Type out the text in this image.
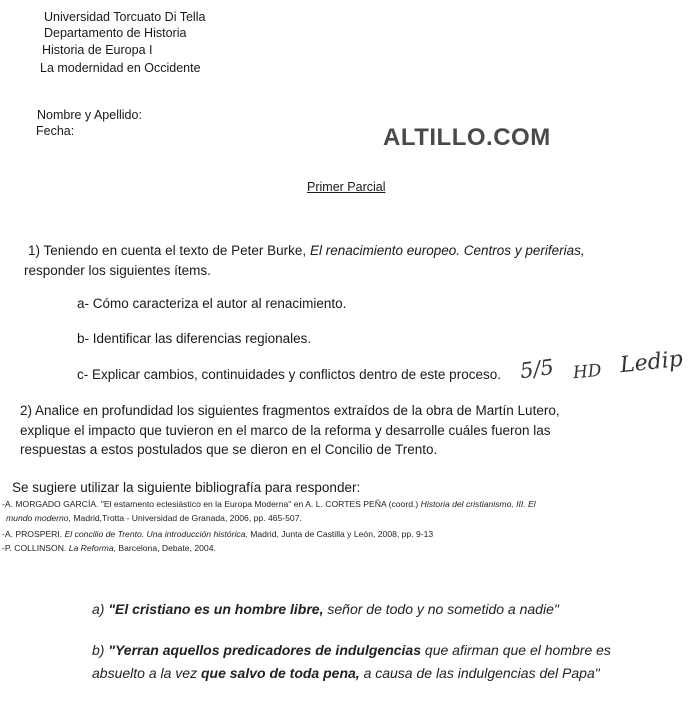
Universidad Torcuato Di Tella
Departamento de Historia
Historia de Europa I
La modernidad en Occidente
Nombre y Apellido:
Fecha:	ALTILLO.COM
Primer Parcial
1) Teniendo en cuenta el texto de Peter Burke, El renacimiento europeo. Centros y periferias,
responder los siguientes ítems.
a- Cómo caracteriza el autor al renacimiento.
b- Identificar las diferencias regionales.
c- Explicar cambios, continuidades y conflictos dentro de este proceso. 5/5 HD Ledip
2) Analice en profundidad los siguientes fragmentos extraídos de la obra de Martín Lutero,
explique el impacto que tuvieron en el marco de la reforma y desarrolle cuáles fueron las
respuestas a estos postulados que se dieron en el Concilio de Trento.
Se sugiere utilizar la siguiente bibliografía para responder:
-A. MORGADO GARCÍA. "El estamento eclesiástico en la Europa Moderna" en A. L. CORTES PEÑA (coord.) Historia del cristianismo, III. El
mundo moderno, Madrid,Trotta - Universidad de Granada, 2006, pp. 465-507.
-A. PROSPERI. El concilio de Trento. Una introducción histórica, Madrid, Junta de Castilla y León, 2008, pp. 9-13
-P. COLLINSON. La Reforma, Barcelona, Debate, 2004.
a) "El cristiano es un hombre libre, señor de todo y no sometido a nadie"
b) "Yerran aquellos predicadores de indulgencias que afirman que el hombre es
absuelto a la vez que salvo de toda pena, a causa de las indulgencias del Papa"
